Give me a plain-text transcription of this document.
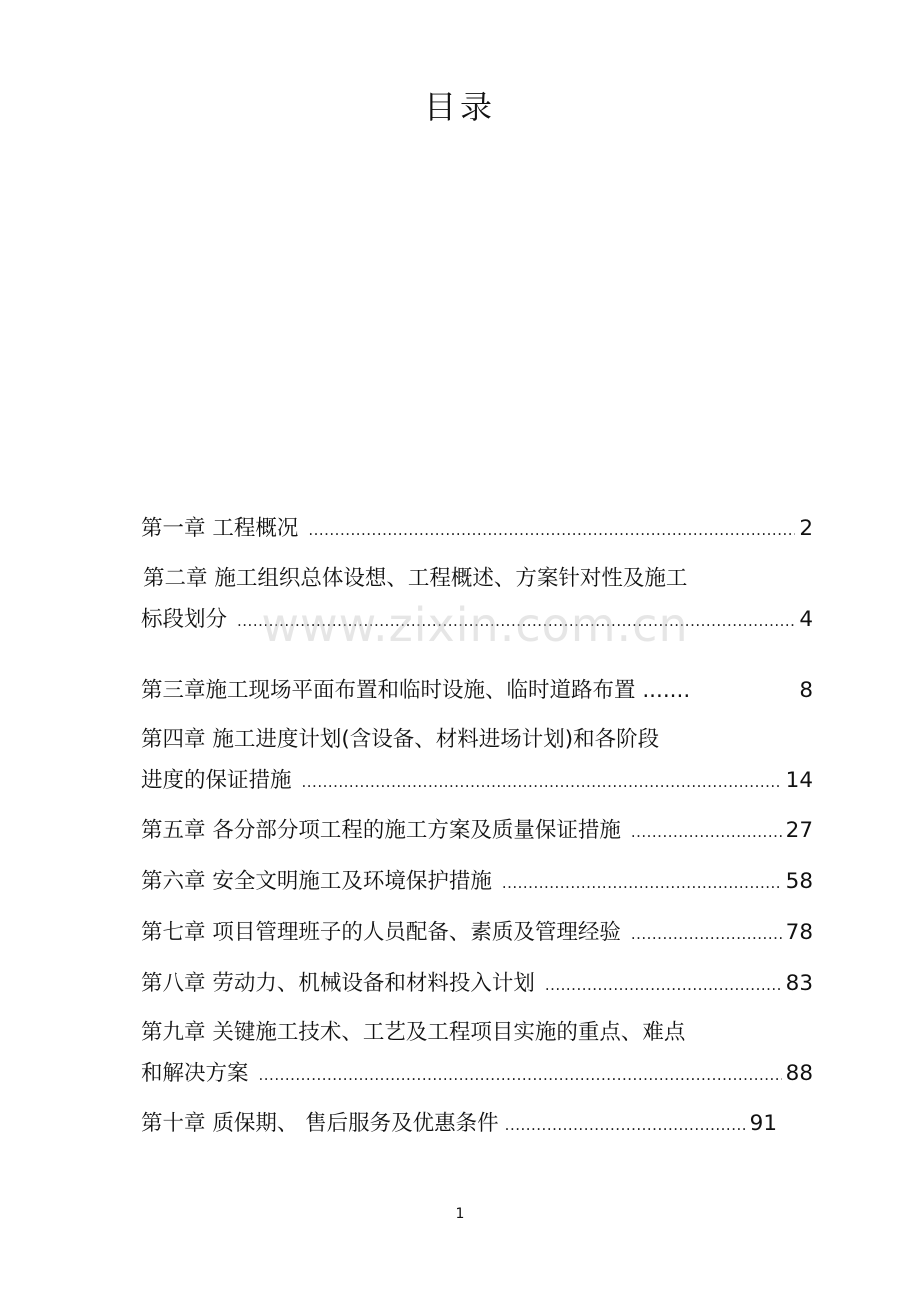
目录
第一章 工程概况 .....	2
第二章 施工组织总体设想、工程概述、方案针对性及施工
标段划分 .....	4
第三章施工现场平面布置和临时设施、临时道路布置 .......	8
第四章 施工进度计划(含设备、材料进场计划)和各阶段
进度的保证措施 .....	14
第五章 各分部分项工程的施工方案及质量保证措施 .....	27
第六章 安全文明施工及环境保护措施 .....	58
第七章 项目管理班子的人员配备、素质及管理经验 .....	78
第八章 劳动力、机械设备和材料投入计划 .....	83
第九章 关键施工技术、工艺及工程项目实施的重点、难点
和解决方案 .....	88
第十章 质保期、 售后服务及优惠条件 .....	91
www.zixin.com.cn
1
